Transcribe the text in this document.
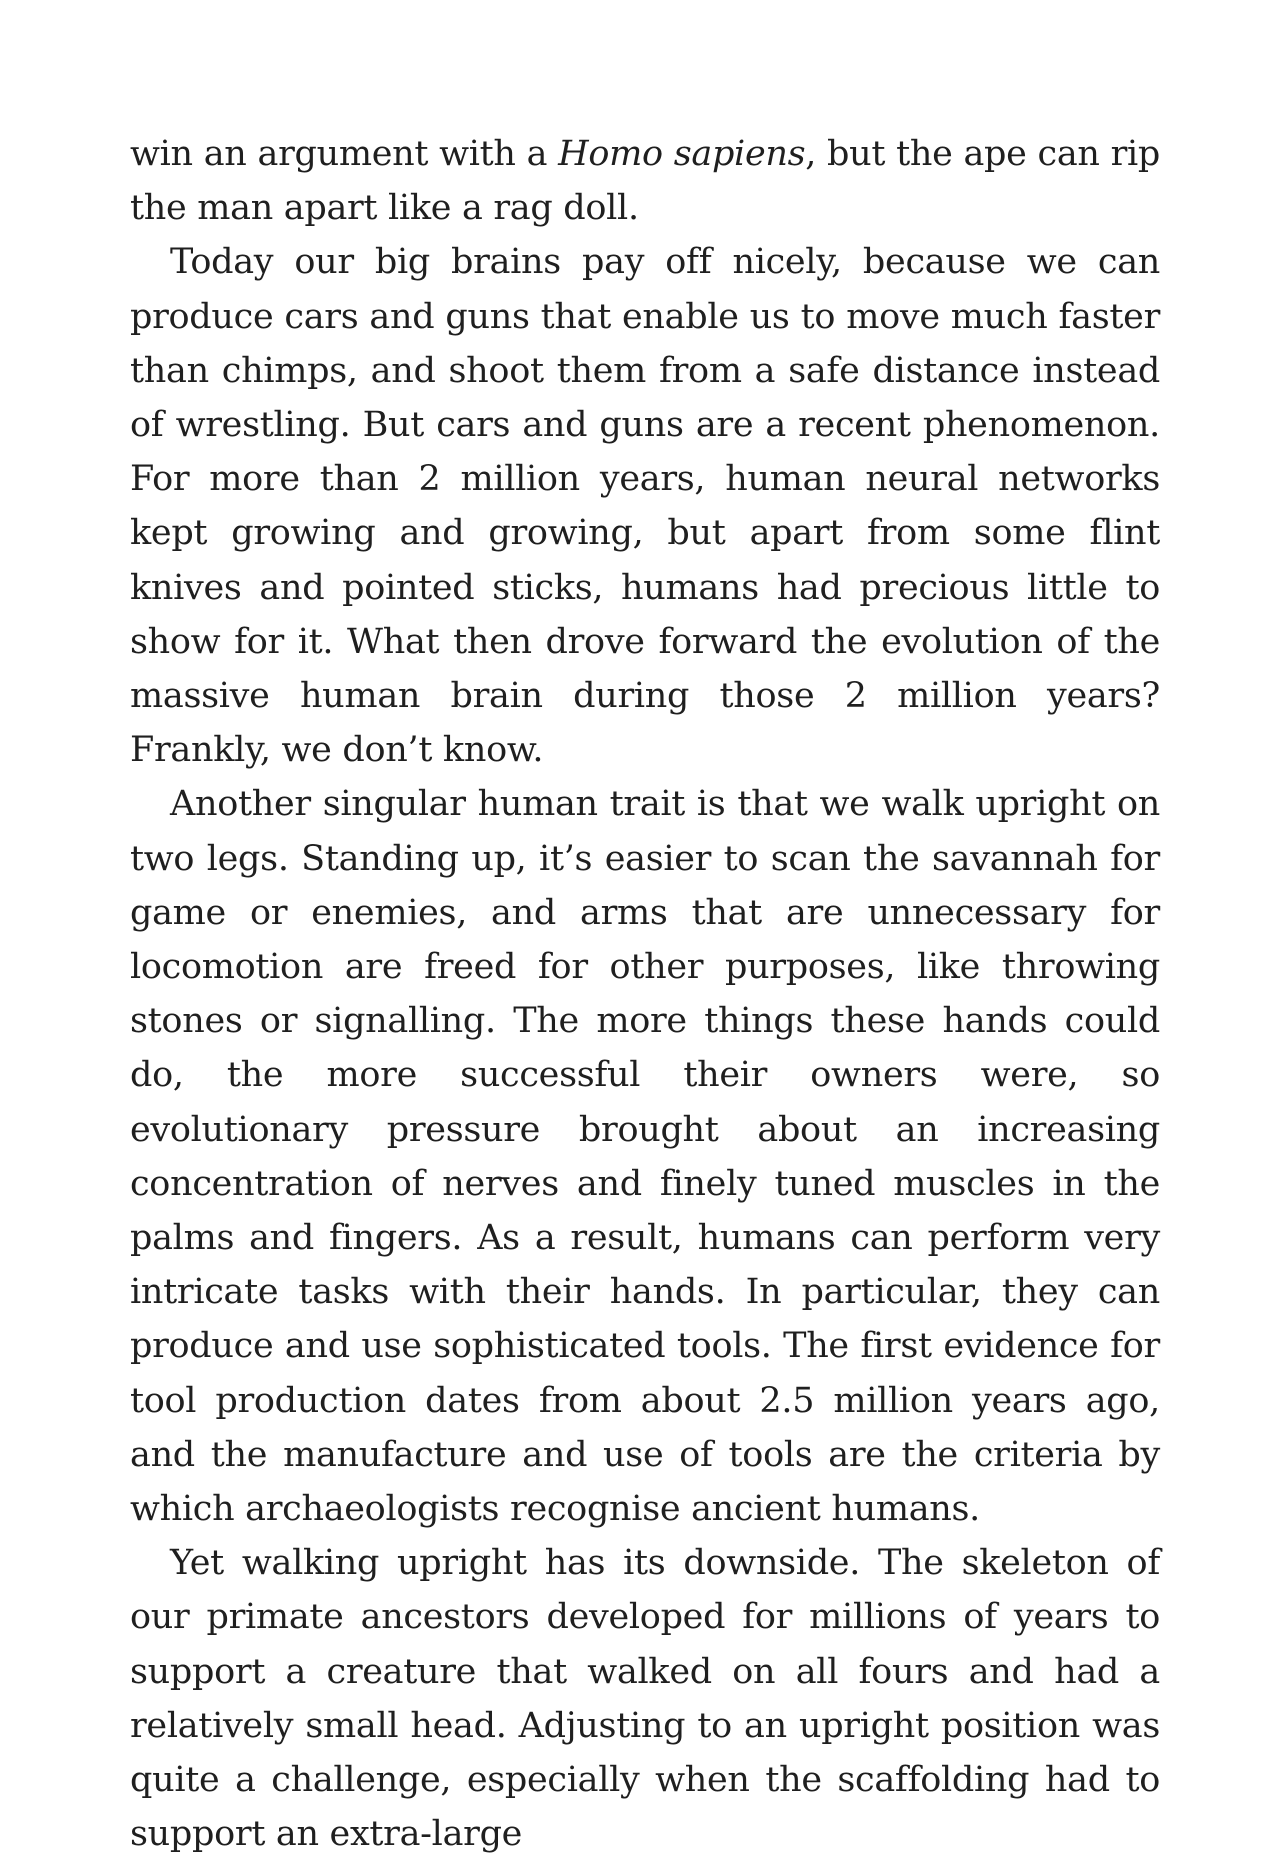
win an argument with a Homo sapiens, but the ape can rip the man apart like a rag doll.

Today our big brains pay off nicely, because we can produce cars and guns that enable us to move much faster than chimps, and shoot them from a safe distance instead of wrestling. But cars and guns are a recent phenomenon. For more than 2 million years, human neural networks kept growing and growing, but apart from some flint knives and pointed sticks, humans had precious little to show for it. What then drove forward the evolution of the massive human brain during those 2 million years? Frankly, we don’t know.

Another singular human trait is that we walk upright on two legs. Standing up, it’s easier to scan the savannah for game or enemies, and arms that are unnecessary for locomotion are freed for other purposes, like throwing stones or signalling. The more things these hands could do, the more successful their owners were, so evolutionary pressure brought about an increasing concentration of nerves and finely tuned muscles in the palms and fingers. As a result, humans can perform very intricate tasks with their hands. In particular, they can produce and use sophisticated tools. The first evidence for tool production dates from about 2.5 million years ago, and the manufacture and use of tools are the criteria by which archaeologists recognise ancient humans.

Yet walking upright has its downside. The skeleton of our primate ancestors developed for millions of years to support a creature that walked on all fours and had a relatively small head. Adjusting to an upright position was quite a challenge, especially when the scaffolding had to support an extra-large
